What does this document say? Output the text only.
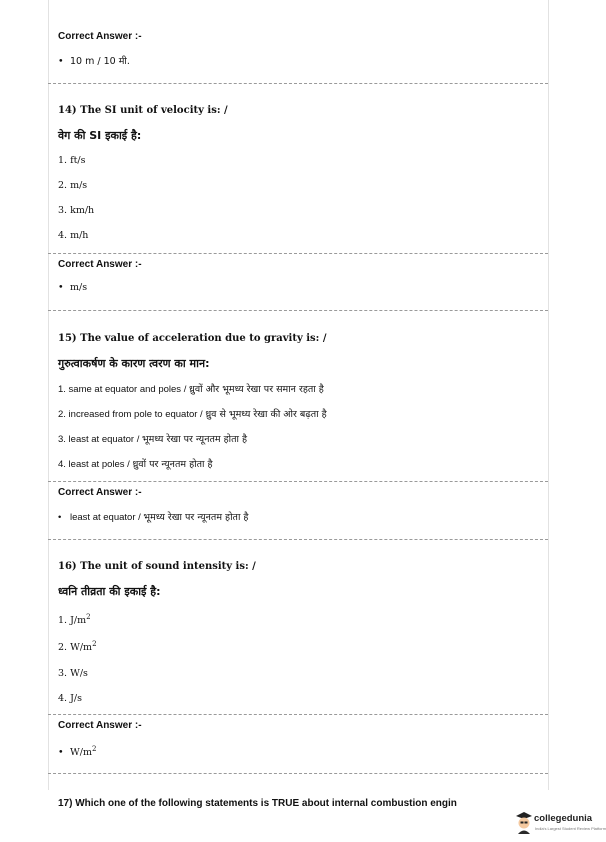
Correct Answer :-
• 10 m / 10 मी.
14) The SI unit of velocity is: /
वेग की SI इकाई है:
1. ft/s
2. m/s
3. km/h
4. m/h
Correct Answer :-
• m/s
15) The value of acceleration due to gravity is: /
गुरुत्वाकर्षण के कारण त्वरण का मान:
1. same at equator and poles / ध्रुवों और भूमध्य रेखा पर समान रहता है
2. increased from pole to equator / ध्रुव से भूमध्य रेखा की ओर बढ़ता है
3. least at equator / भूमध्य रेखा पर न्यूनतम होता है
4. least at poles / ध्रुवों पर न्यूनतम होता है
Correct Answer :-
• least at equator / भूमध्य रेखा पर न्यूनतम होता है
16) The unit of sound intensity is: /
ध्वनि तीव्रता की इकाई है:
1. $J/m^2$
2. $W/m^2$
3. W/s
4. J/s
Correct Answer :-
• $W/m^2$
17) Which one of the following statements is TRUE about internal combustion engin
collegedunia
India's Largest Student Review Platform
